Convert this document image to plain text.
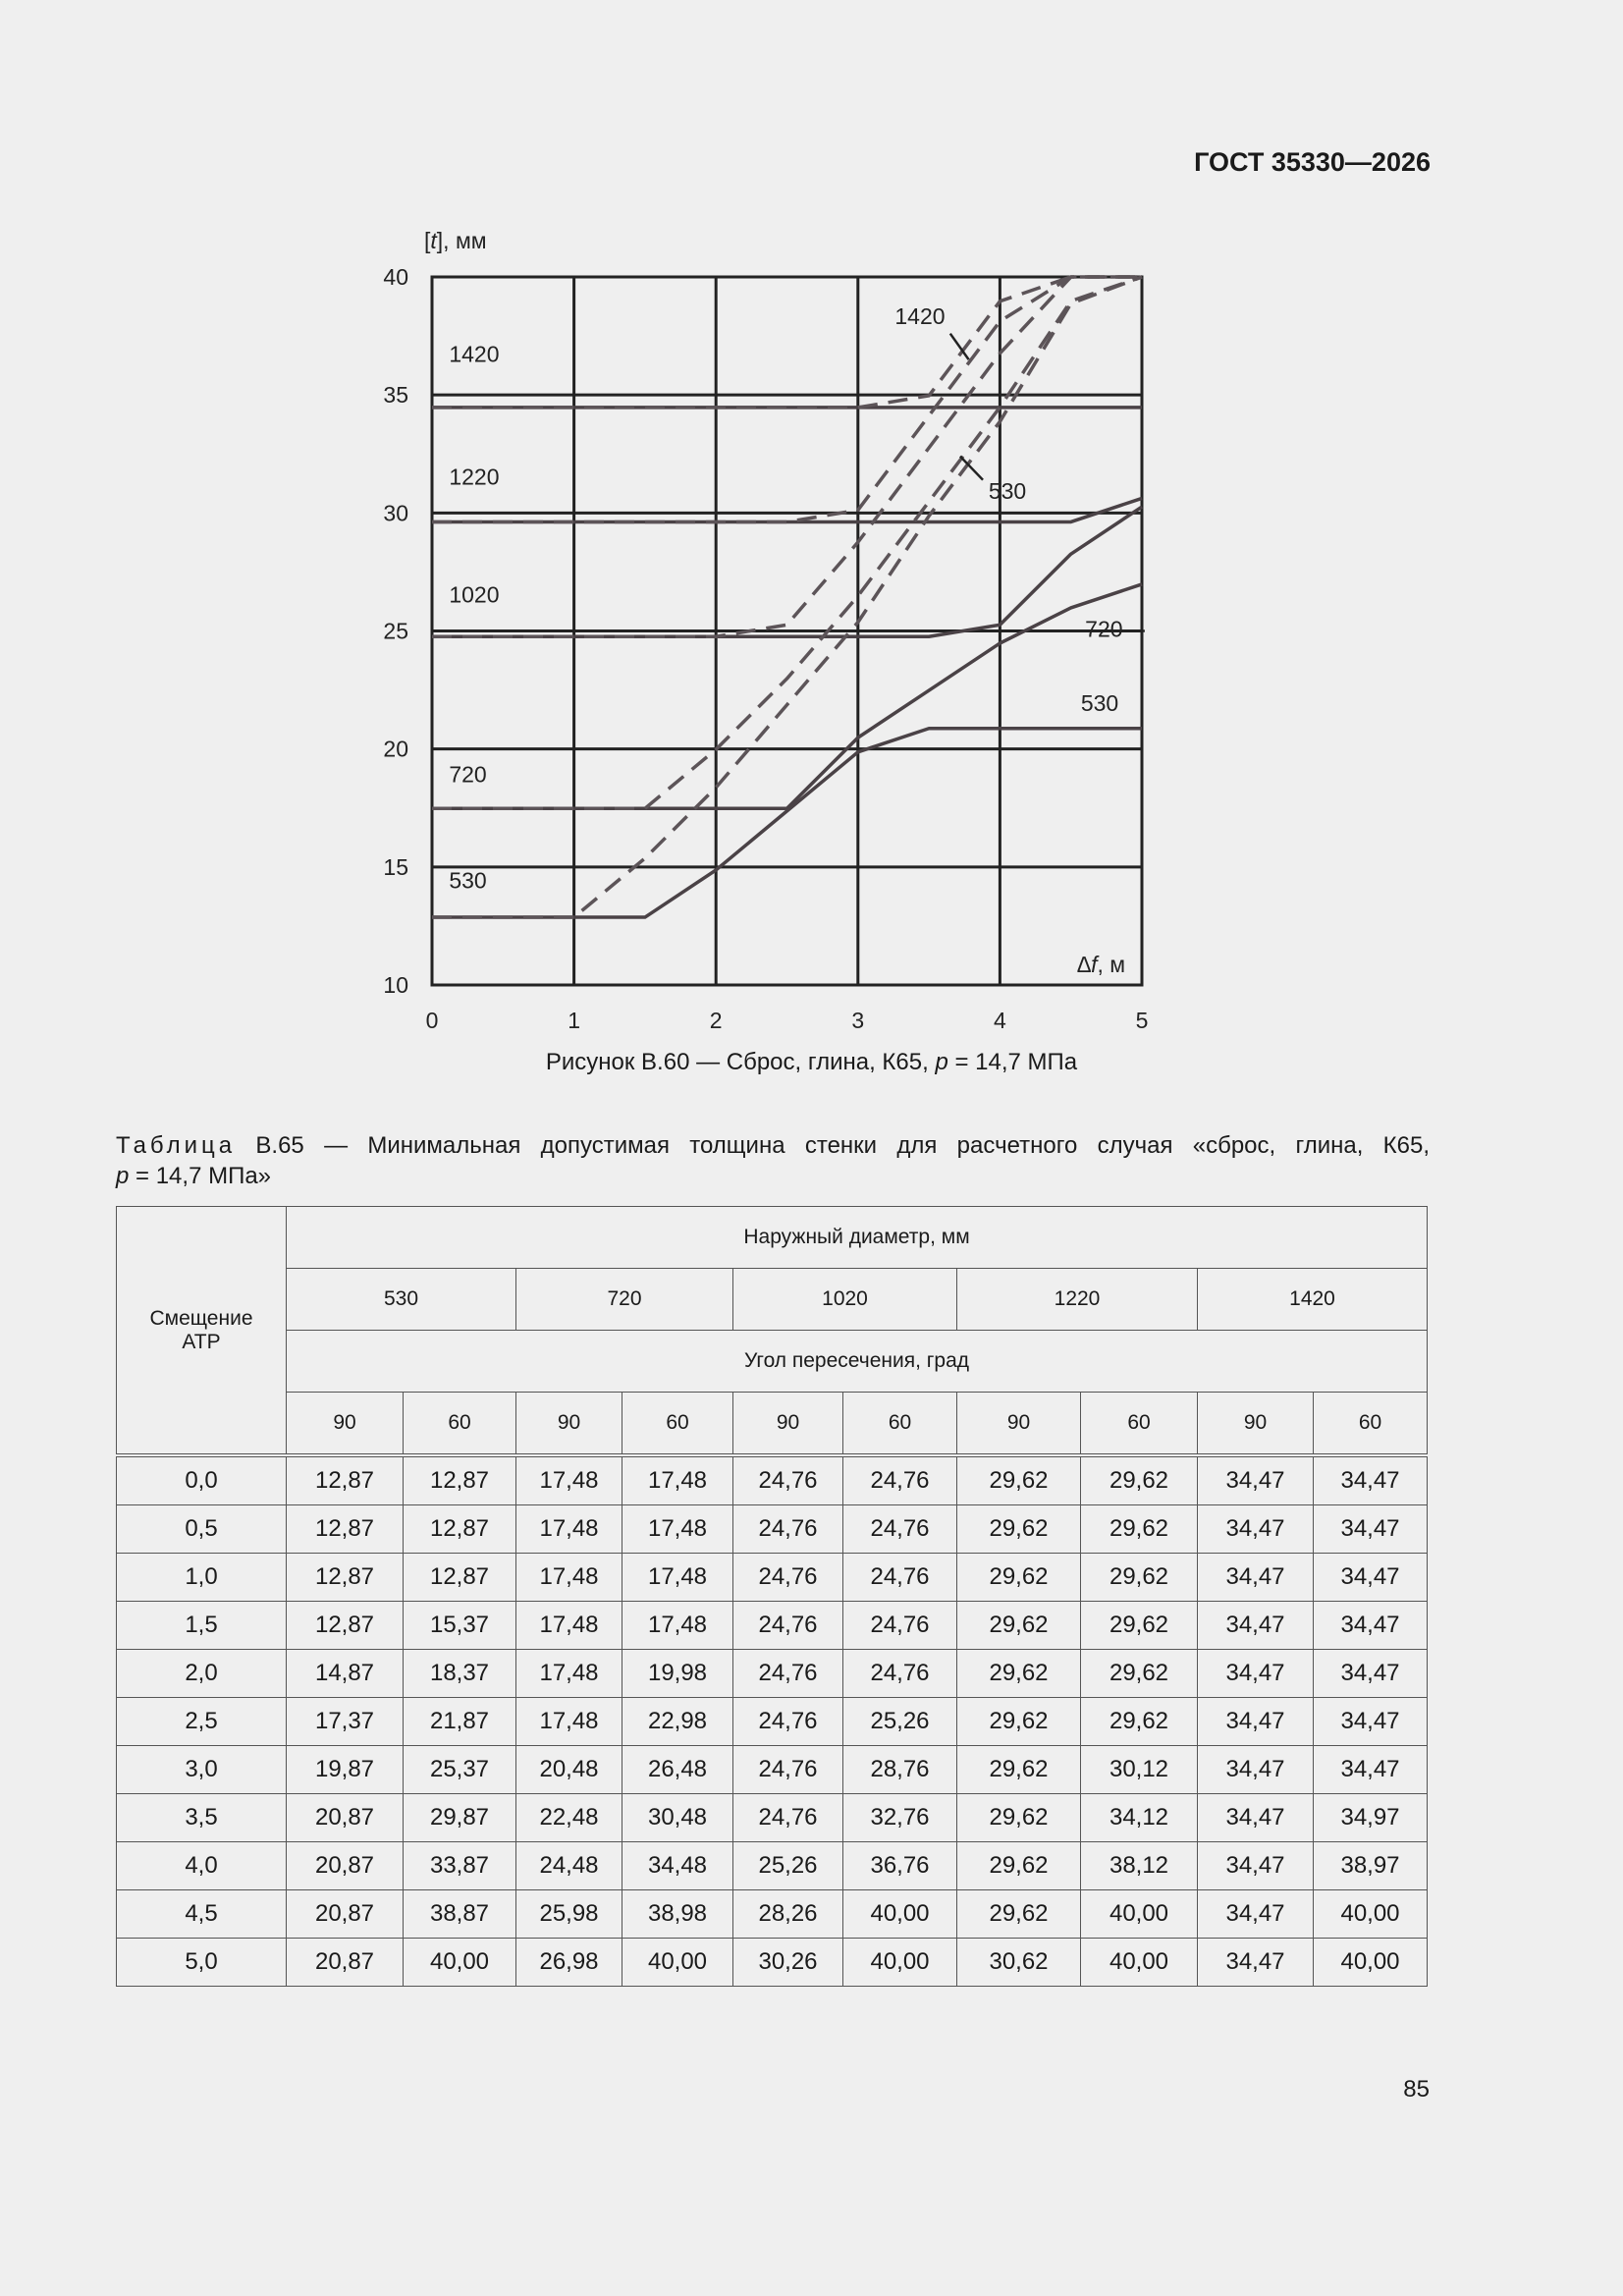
ГОСТ 35330—2026
0	1	2	3	4	5
10
15
20
25
30
35
40
1420
1220
1020
720
530
1420
530
720
530
[t], мм
∆f, м
Рисунок В.60 — Сброс, глина, К65, p = 14,7 МПа
Таблица В.65 — Минимальная допустимая толщина стенки для расчетного случая «сброс, глина, К65,
p = 14,7 МПа»
Смещение АТР	Наружный диаметр, мм									
	530		720		1020		1220		1420	
	Угол пересечения, град									
	90	60	90	60	90	60	90	60	90	60
0,0	12,87	12,87	17,48	17,48	24,76	24,76	29,62	29,62	34,47	34,47
0,5	12,87	12,87	17,48	17,48	24,76	24,76	29,62	29,62	34,47	34,47
1,0	12,87	12,87	17,48	17,48	24,76	24,76	29,62	29,62	34,47	34,47
1,5	12,87	15,37	17,48	17,48	24,76	24,76	29,62	29,62	34,47	34,47
2,0	14,87	18,37	17,48	19,98	24,76	24,76	29,62	29,62	34,47	34,47
2,5	17,37	21,87	17,48	22,98	24,76	25,26	29,62	29,62	34,47	34,47
3,0	19,87	25,37	20,48	26,48	24,76	28,76	29,62	30,12	34,47	34,47
3,5	20,87	29,87	22,48	30,48	24,76	32,76	29,62	34,12	34,47	34,97
4,0	20,87	33,87	24,48	34,48	25,26	36,76	29,62	38,12	34,47	38,97
4,5	20,87	38,87	25,98	38,98	28,26	40,00	29,62	40,00	34,47	40,00
5,0	20,87	40,00	26,98	40,00	30,26	40,00	30,62	40,00	34,47	40,00
85
